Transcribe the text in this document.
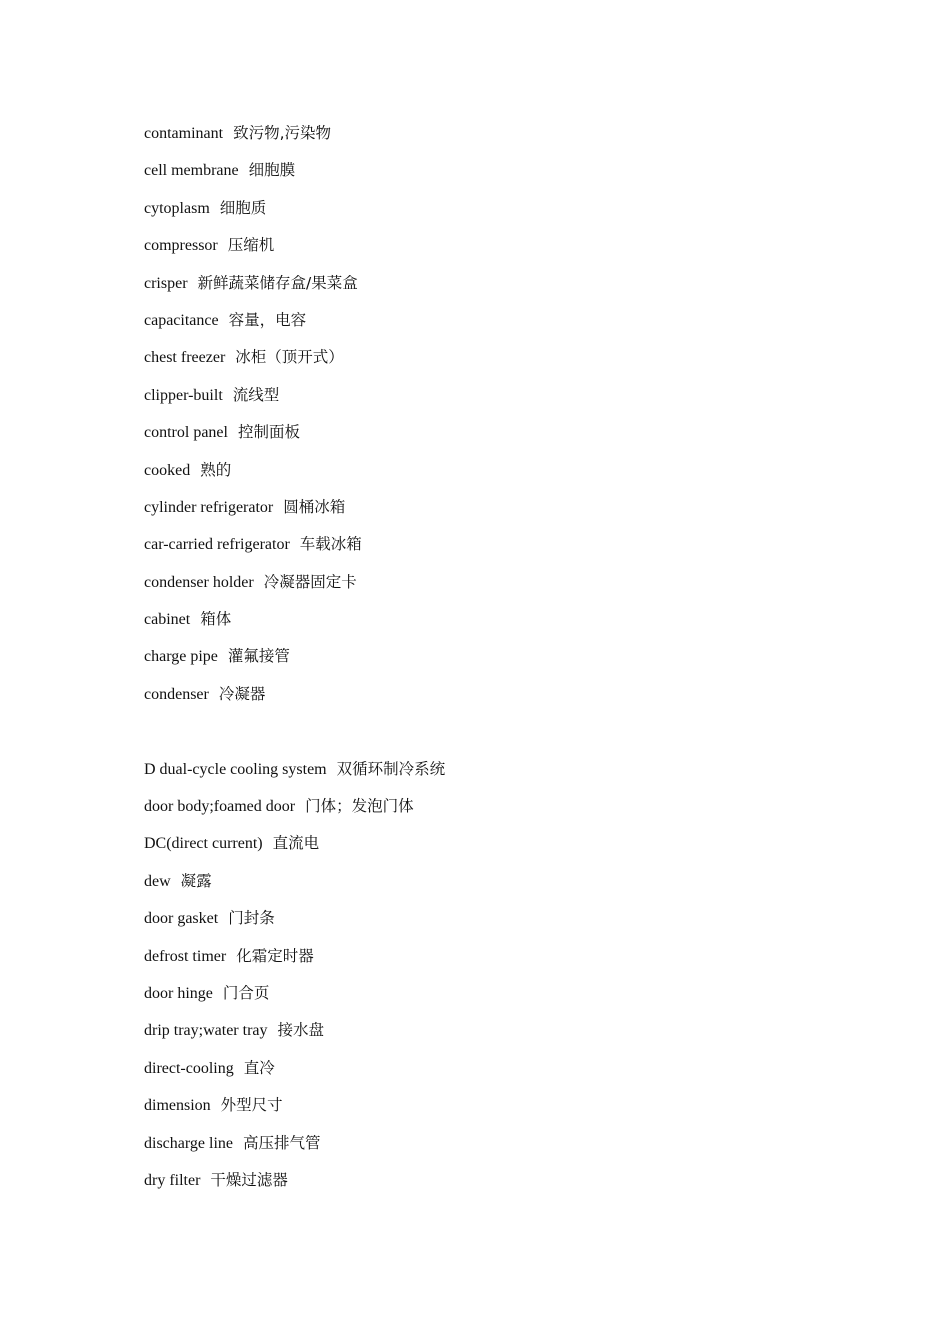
contaminant 致污物,污染物
cell membrane 细胞膜
cytoplasm 细胞质
compressor 压缩机
crisper 新鲜蔬菜储存盒/果菜盒
capacitance 容量，电容
chest freezer 冰柜（顶开式）
clipper-built 流线型
control panel 控制面板
cooked 熟的
cylinder refrigerator 圆桶冰箱
car-carried refrigerator 车载冰箱
condenser holder 冷凝器固定卡
cabinet 箱体
charge pipe 灌氟接管
condenser 冷凝器
D dual-cycle cooling system 双循环制冷系统
door body;foamed door 门体；发泡门体
DC(direct current) 直流电
dew 凝露
door gasket 门封条
defrost timer 化霜定时器
door hinge 门合页
drip tray;water tray 接水盘
direct-cooling 直冷
dimension 外型尺寸
discharge line 高压排气管
dry filter 干燥过滤器
